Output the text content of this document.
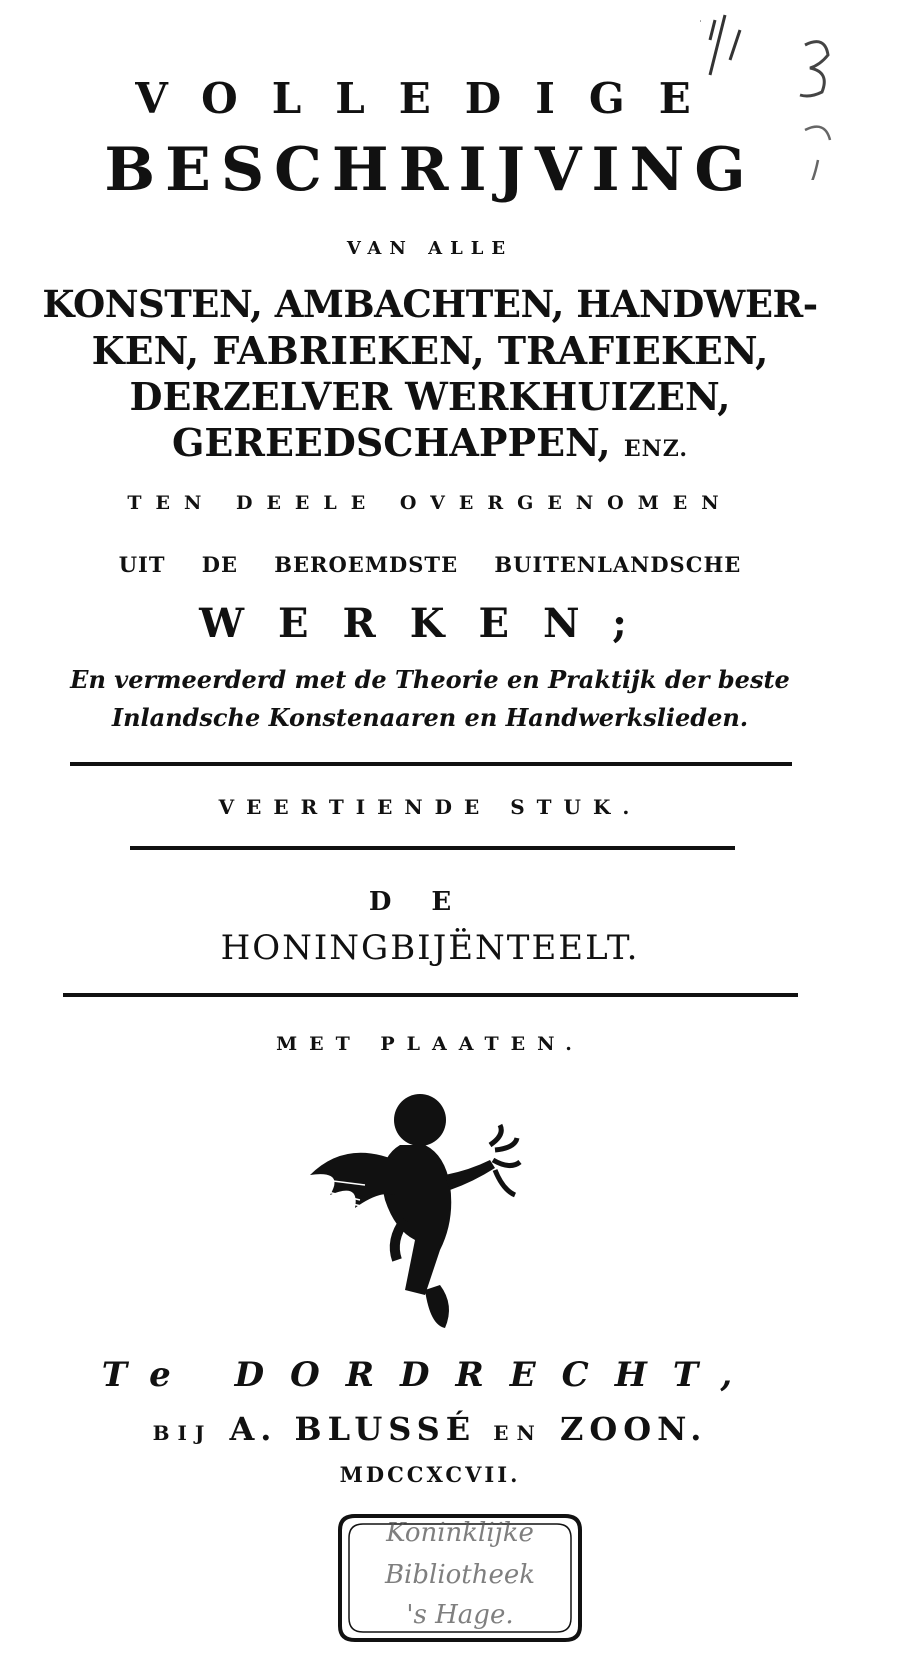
VOLLEDIGE

BESCHRIJVING

VAN ALLE

KONSTEN, AMBACHTEN, HANDWER-

KEN, FABRIEKEN, TRAFIEKEN,

DERZELVER WERKHUIZEN,

GEREEDSCHAPPEN, ENZ.

TEN DEELE OVERGENOMEN

UIT DE BEROEMDSTE BUITENLANDSCHE

WERKEN;

En vermeerderd met de Theorie en Praktijk der beste

Inlandsche Konstenaaren en Handwerkslieden.

VEERTIENDE STUK.

DE

HONINGBIJËNTEELT.

MET PLAATEN.

Te DORDRECHT,

BIJ A. BLUSSÉ EN ZOON.

MDCCXCVII.

Koninklijke
Bibliotheek
's Hage.
